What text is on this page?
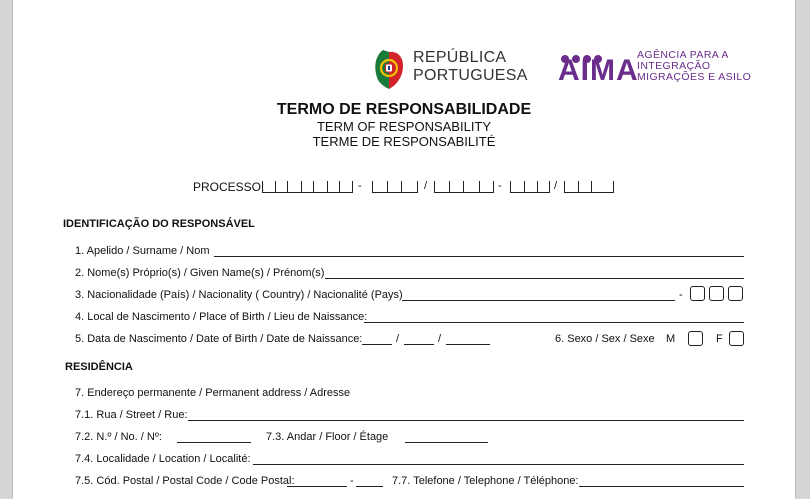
REPÚBLICA
PORTUGUESA AIMA
AGÊNCIA PARA A
INTEGRAÇÃO
MIGRAÇÕES E ASILO
TERMO DE RESPONSABILIDADE
TERM OF RESPONSABILITY
TERME DE RESPONSABILITÉ
PROCESSO:	-	/	-	/
IDENTIFICAÇÃO DO RESPONSÁVEL
1. Apelido / Surname / Nom
2. Nome(s) Próprio(s) / Given Name(s) / Prénom(s)
3. Nacionalidade (País) / Nacionality ( Country) / Nacionalité (Pays)	-
4. Local de Nascimento / Place of Birth / Lieu de Naissance:
5. Data de Nascimento / Date of Birth / Date de Naissance:	/	/	6. Sexo / Sex / Sexe M	F
RESIDÊNCIA
7. Endereço permanente / Permanent address / Adresse
7.1. Rua / Street / Rue:
7.2. N.º / No. / Nº:	7.3. Andar / Floor / Étage
7.4. Localidade / Location / Localité:
7.5. Cód. Postal / Postal Code / Code Postal:	-	7.7. Telefone / Telephone / Téléphone:
